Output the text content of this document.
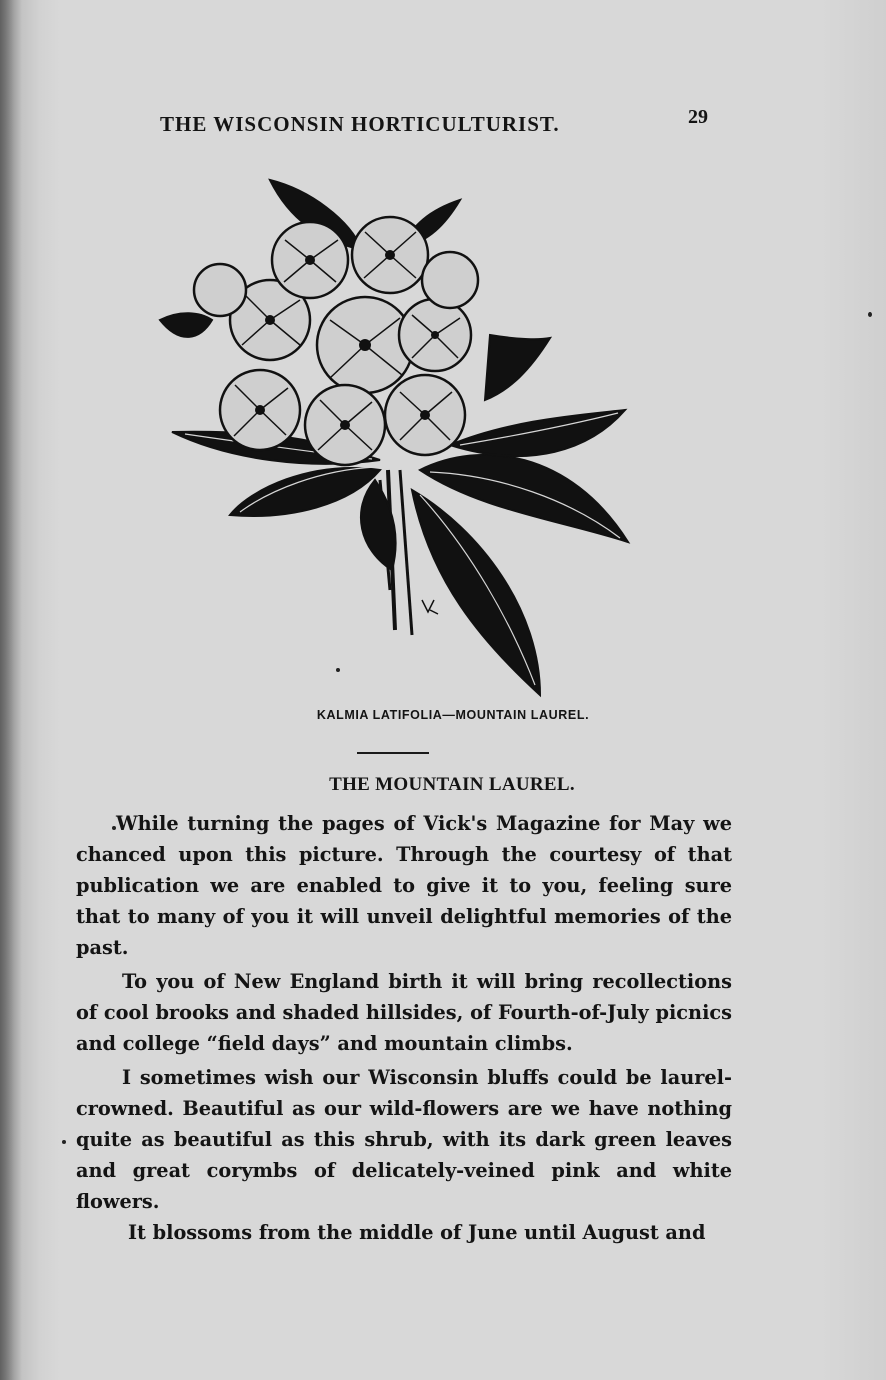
THE WISCONSIN HORTICULTURIST.	29
KALMIA LATIFOLIA—MOUNTAIN LAUREL.
THE MOUNTAIN LAUREL.

While turning the pages of Vick's Magazine for May we chanced upon this picture. Through the courtesy of that publication we are enabled to give it to you, feeling sure that to many of you it will unveil delightful memories of the past.

To you of New England birth it will bring recollections of cool brooks and shaded hillsides, of Fourth-of-July picnics and college “field days” and mountain climbs.

I sometimes wish our Wisconsin bluffs could be laurel-crowned. Beautiful as our wild-flowers are we have nothing quite as beautiful as this shrub, with its dark green leaves and great corymbs of delicately-veined pink and white flowers.

It blossoms from the middle of June until August and
